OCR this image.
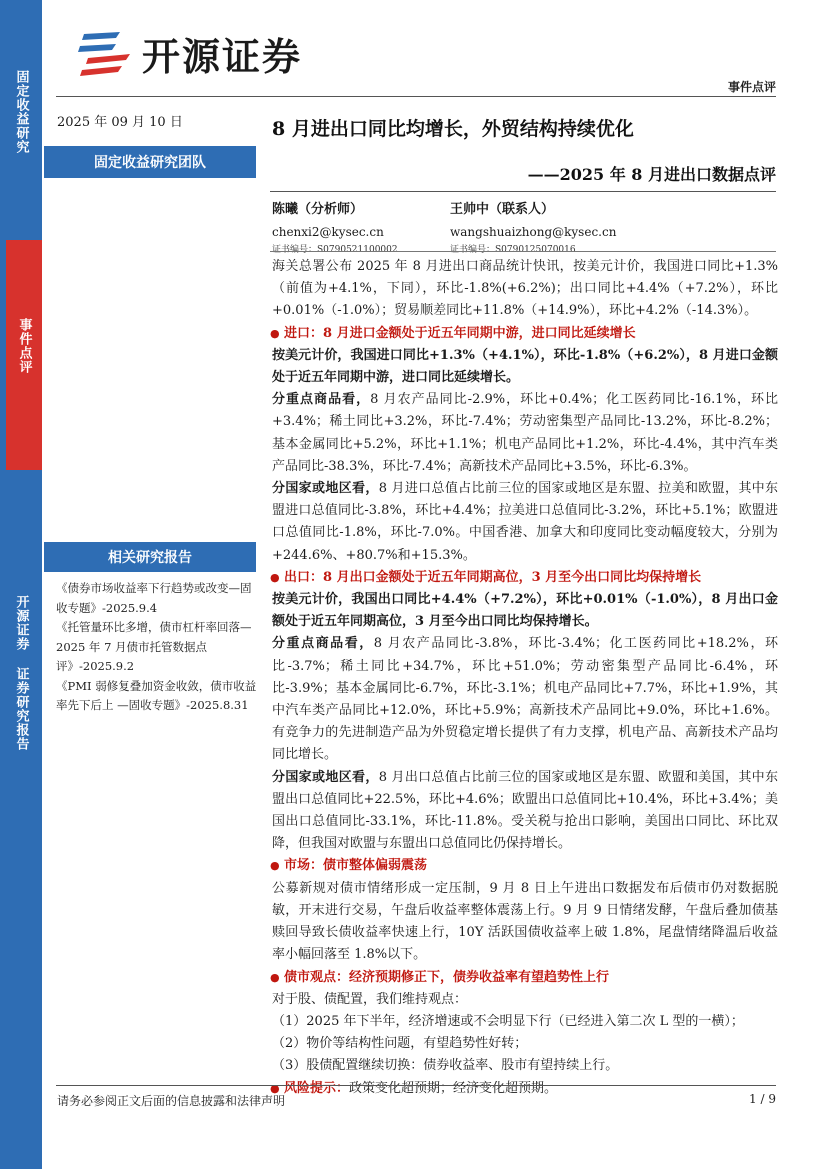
固定收益研究
事件点评
开源证券 证券研究报告
开源证券
事件点评
2025 年 09 月 10 日
固定收益研究团队
8 月进出口同比均增长，外贸结构持续优化
——2025 年 8 月进出口数据点评
陈曦（分析师）
chenxi2@kysec.cn
证书编号：S0790521100002
王帅中（联系人）
wangshuaizhong@kysec.cn
证书编号：S0790125070016
相关研究报告
《债券市场收益率下行趋势或改变—固收专题》-2025.9.4
《托管量环比多增，债市杠杆率回落—2025 年 7 月债市托管数据点评》-2025.9.2
《PMI 弱修复叠加资金收敛，债市收益率先下后上 —固收专题》-2025.8.31

海关总署公布 2025 年 8 月进出口商品统计快讯，按美元计价，我国进口同比+1.3%（前值为+4.1%，下同），环比-1.8%(+6.2%)；出口同比+4.4%（+7.2%），环比+0.01%（-1.0%）；贸易顺差同比+11.8%（+14.9%），环比+4.2%（-14.3%）。

● 进口：8 月进口金额处于近五年同期中游，进口同比延续增长

按美元计价，我国进口同比+1.3%（+4.1%），环比-1.8%（+6.2%），8 月进口金额处于近五年同期中游，进口同比延续增长。

分重点商品看，8 月农产品同比-2.9%，环比+0.4%；化工医药同比-16.1%，环比+3.4%；稀土同比+3.2%，环比-7.4%；劳动密集型产品同比-13.2%，环比-8.2%；基本金属同比+5.2%，环比+1.1%；机电产品同比+1.2%，环比-4.4%，其中汽车类产品同比-38.3%，环比-7.4%；高新技术产品同比+3.5%，环比-6.3%。

分国家或地区看，8 月进口总值占比前三位的国家或地区是东盟、拉美和欧盟，其中东盟进口总值同比-3.8%，环比+4.4%；拉美进口总值同比-3.2%，环比+5.1%；欧盟进口总值同比-1.8%，环比-7.0%。中国香港、加拿大和印度同比变动幅度较大，分别为+244.6%、+80.7%和+15.3%。

● 出口：8 月出口金额处于近五年同期高位，3 月至今出口同比均保持增长

按美元计价，我国出口同比+4.4%（+7.2%），环比+0.01%（-1.0%），8 月出口金额处于近五年同期高位，3 月至今出口同比均保持增长。

分重点商品看，8 月农产品同比-3.8%，环比-3.4%；化工医药同比+18.2%，环比-3.7%；稀土同比+34.7%，环比+51.0%；劳动密集型产品同比-6.4%，环比-3.9%；基本金属同比-6.7%，环比-3.1%；机电产品同比+7.7%，环比+1.9%，其中汽车类产品同比+12.0%，环比+5.9%；高新技术产品同比+9.0%，环比+1.6%。有竞争力的先进制造产品为外贸稳定增长提供了有力支撑，机电产品、高新技术产品均同比增长。

分国家或地区看，8 月出口总值占比前三位的国家或地区是东盟、欧盟和美国，其中东盟出口总值同比+22.5%，环比+4.6%；欧盟出口总值同比+10.4%，环比+3.4%；美国出口总值同比-33.1%，环比-11.8%。受关税与抢出口影响，美国出口同比、环比双降，但我国对欧盟与东盟出口总值同比仍保持增长。

● 市场：债市整体偏弱震荡

公募新规对债市情绪形成一定压制，9 月 8 日上午进出口数据发布后债市仍对数据脱敏，开末进行交易，午盘后收益率整体震荡上行。9 月 9 日情绪发酵，午盘后叠加债基赎回导致长债收益率快速上行，10Y 活跃国债收益率上破 1.8%，尾盘情绪降温后收益率小幅回落至 1.8%以下。

● 债市观点：经济预期修正下，债券收益率有望趋势性上行

对于股、债配置，我们维持观点：

（1）2025 年下半年，经济增速或不会明显下行（已经进入第二次 L 型的一横）；

（2）物价等结构性问题，有望趋势性好转；

（3）股债配置继续切换：债券收益率、股市有望持续上行。

● 风险提示：政策变化超预期；经济变化超预期。

请务必参阅正文后面的信息披露和法律声明	1 / 9
